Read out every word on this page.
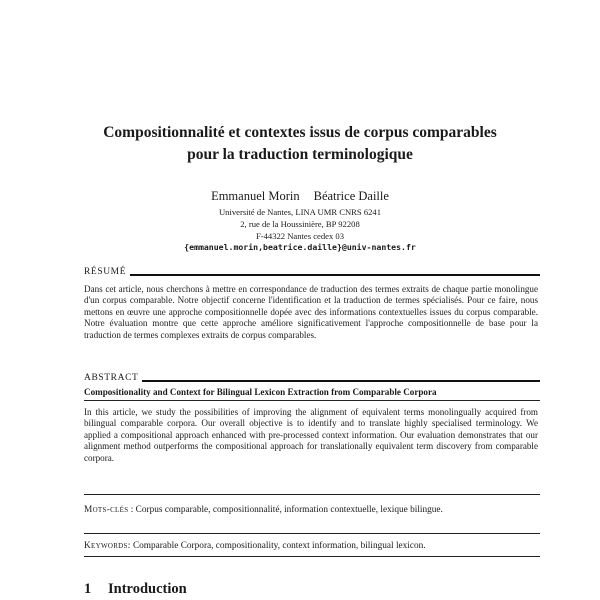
Compositionnalité et contextes issus de corpus comparables
pour la traduction terminologique
Emmanuel Morin Béatrice Daille
Université de Nantes, LINA UMR CNRS 6241
2, rue de la Houssinière, BP 92208
F-44322 Nantes cedex 03
{emmanuel.morin,beatrice.daille}@univ-nantes.fr
RÉSUMÉ
Dans cet article, nous cherchons à mettre en correspondance de traduction des termes extraits de chaque partie monolingue d'un corpus comparable. Notre objectif concerne l'identification et la traduction de termes spécialisés. Pour ce faire, nous mettons en œuvre une approche compositionnelle dopée avec des informations contextuelles issues du corpus comparable. Notre évaluation montre que cette approche améliore significativement l'approche compositionnelle de base pour la traduction de termes complexes extraits de corpus comparables.
ABSTRACT
Compositionality and Context for Bilingual Lexicon Extraction from Comparable Corpora
In this article, we study the possibilities of improving the alignment of equivalent terms monolingually acquired from bilingual comparable corpora. Our overall objective is to identify and to translate highly specialised terminology. We applied a compositional approach enhanced with pre-processed context information. Our evaluation demonstrates that our alignment method outperforms the compositional approach for translationally equivalent term discovery from comparable corpora.
Mots-clés : Corpus comparable, compositionnalité, information contextuelle, lexique bilingue.
Keywords: Comparable Corpora, compositionality, context information, bilingual lexicon.
1 Introduction
